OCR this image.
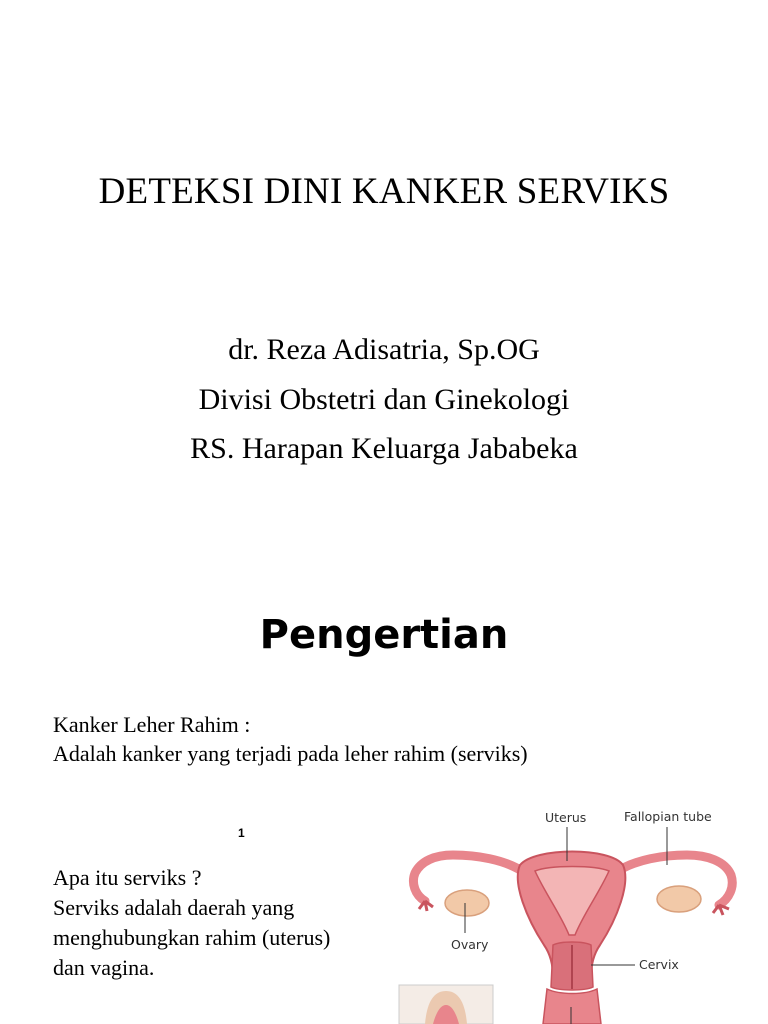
DETEKSI DINI KANKER SERVIKS
dr. Reza Adisatria, Sp.OG
Divisi Obstetri dan Ginekologi
RS. Harapan Keluarga Jababeka
Pengertian
Kanker Leher Rahim :
Adalah kanker yang terjadi pada leher rahim (serviks)
1
Apa itu serviks ?
Serviks adalah daerah yang
menghubungkan rahim (uterus)
dan vagina.
Uterus	Fallopian tube
Ovary
Cervix
